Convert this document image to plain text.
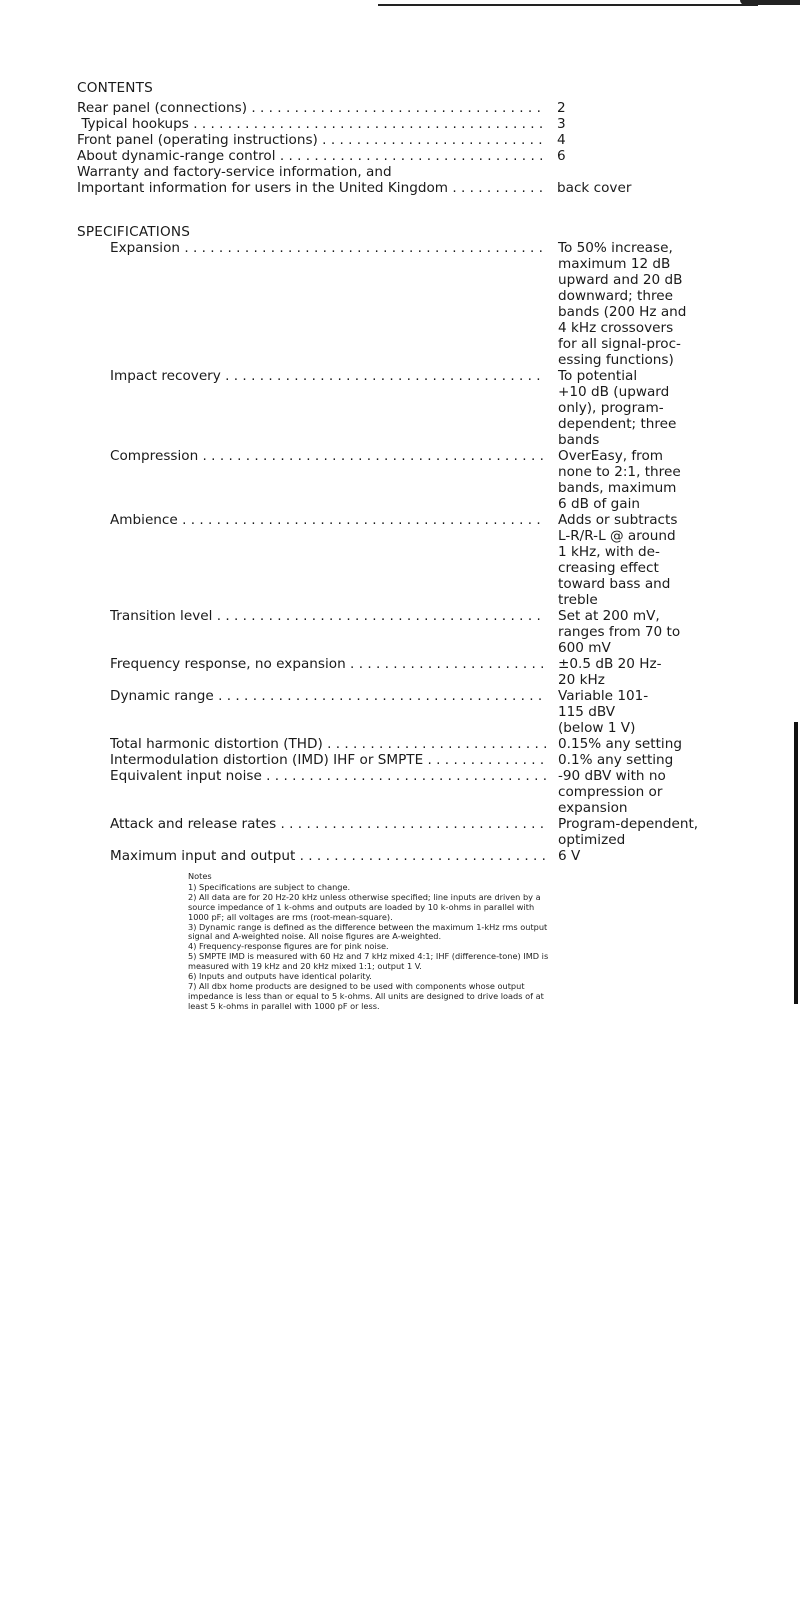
CONTENTS
Rear panel (connections) . . .	2
Typical hookups . . .	3
Front panel (operating instructions) . . .	4
About dynamic-range control . . .	6
Warranty and factory-service information, and
Important information for users in the United Kingdom . . .	back cover
SPECIFICATIONS
Expansion . . .	To 50% increase,
maximum 12 dB
upward and 20 dB
downward; three
bands (200 Hz and
4 kHz crossovers
for all signal-proc-
essing functions)
Impact recovery . . .	To potential
+10 dB (upward
only), program-
dependent; three
bands
Compression . . .	OverEasy, from
none to 2:1, three
bands, maximum
6 dB of gain
Ambience . . .	Adds or subtracts
L-R/R-L @ around
1 kHz, with de-
creasing effect
toward bass and
treble
Transition level . . .	Set at 200 mV,
ranges from 70 to
600 mV
Frequency response, no expansion . . .	±0.5 dB 20 Hz-
20 kHz
Dynamic range . . .	Variable 101-
115 dBV
(below 1 V)
Total harmonic distortion (THD) . . .	0.15% any setting
Intermodulation distortion (IMD) IHF or SMPTE . . .	0.1% any setting
Equivalent input noise . . .	-90 dBV with no
compression or
expansion
Attack and release rates . . .	Program-dependent,
optimized
Maximum input and output . . .	6 V
Notes
1) Specifications are subject to change.
2) All data are for 20 Hz-20 kHz unless otherwise specified; line inputs are driven by a
source impedance of 1 k-ohms and outputs are loaded by 10 k-ohms in parallel with
1000 pF; all voltages are rms (root-mean-square).
3) Dynamic range is defined as the difference between the maximum 1-kHz rms output
signal and A-weighted noise. All noise figures are A-weighted.
4) Frequency-response figures are for pink noise.
5) SMPTE IMD is measured with 60 Hz and 7 kHz mixed 4:1; IHF (difference-tone) IMD is
measured with 19 kHz and 20 kHz mixed 1:1; output 1 V.
6) Inputs and outputs have identical polarity.
7) All dbx home products are designed to be used with components whose output
impedance is less than or equal to 5 k-ohms. All units are designed to drive loads of at
least 5 k-ohms in parallel with 1000 pF or less.
